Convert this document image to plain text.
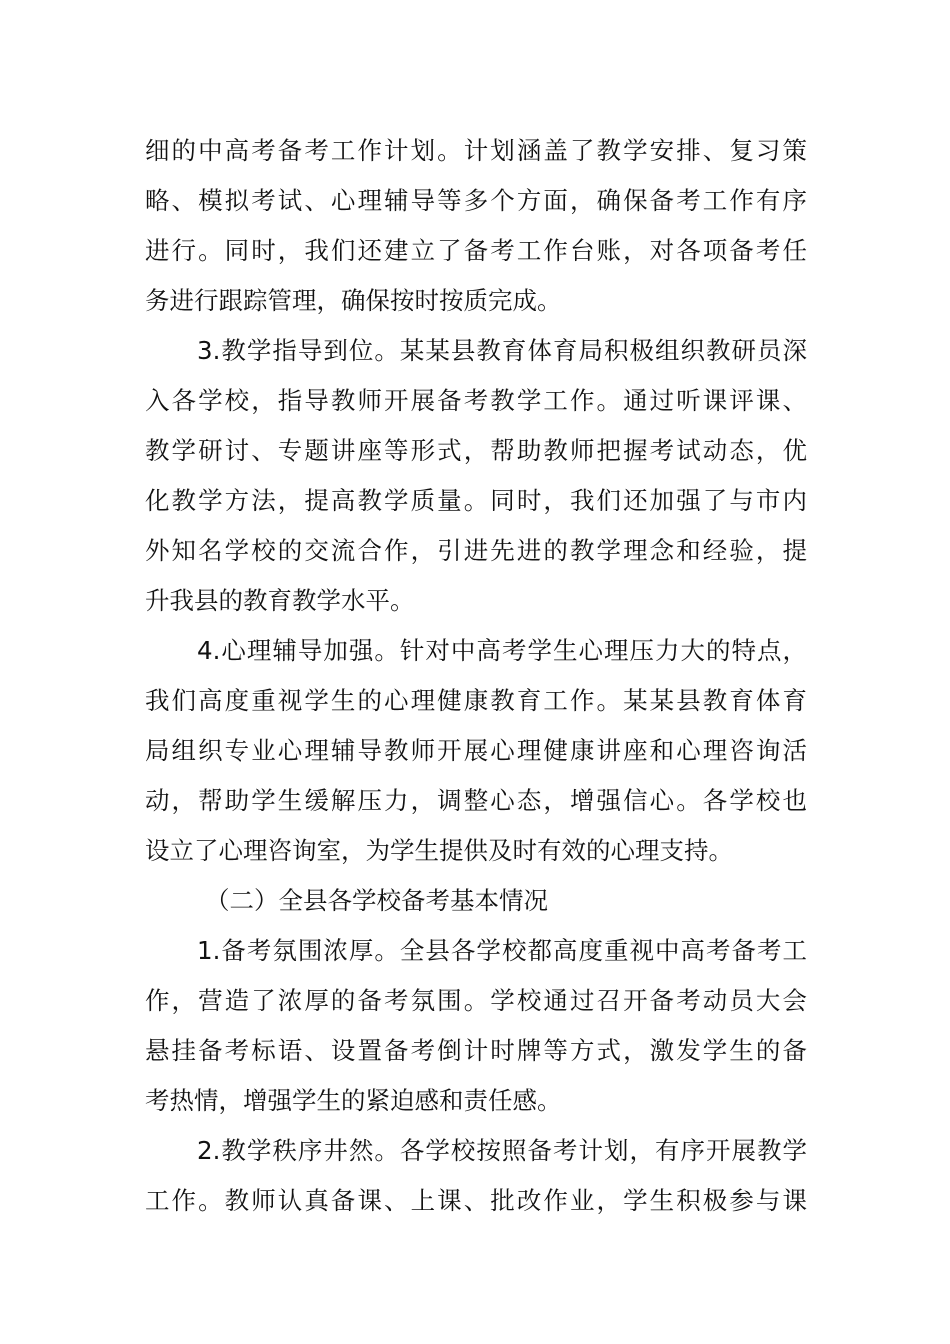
细的中高考备考工作计划。计划涵盖了教学安排、复习策
略、模拟考试、心理辅导等多个方面，确保备考工作有序
进行。同时，我们还建立了备考工作台账，对各项备考任
务进行跟踪管理，确保按时按质完成。
3.教学指导到位。某某县教育体育局积极组织教研员深
入各学校，指导教师开展备考教学工作。通过听课评课、
教学研讨、专题讲座等形式，帮助教师把握考试动态，优
化教学方法，提高教学质量。同时，我们还加强了与市内
外知名学校的交流合作，引进先进的教学理念和经验，提
升我县的教育教学水平。
4.心理辅导加强。针对中高考学生心理压力大的特点，
我们高度重视学生的心理健康教育工作。某某县教育体育
局组织专业心理辅导教师开展心理健康讲座和心理咨询活
动，帮助学生缓解压力，调整心态，增强信心。各学校也
设立了心理咨询室，为学生提供及时有效的心理支持。
（二）全县各学校备考基本情况
1.备考氛围浓厚。全县各学校都高度重视中高考备考工
作，营造了浓厚的备考氛围。学校通过召开备考动员大会
悬挂备考标语、设置备考倒计时牌等方式，激发学生的备
考热情，增强学生的紧迫感和责任感。
2.教学秩序井然。各学校按照备考计划，有序开展教学
工作。教师认真备课、上课、批改作业，学生积极参与课
